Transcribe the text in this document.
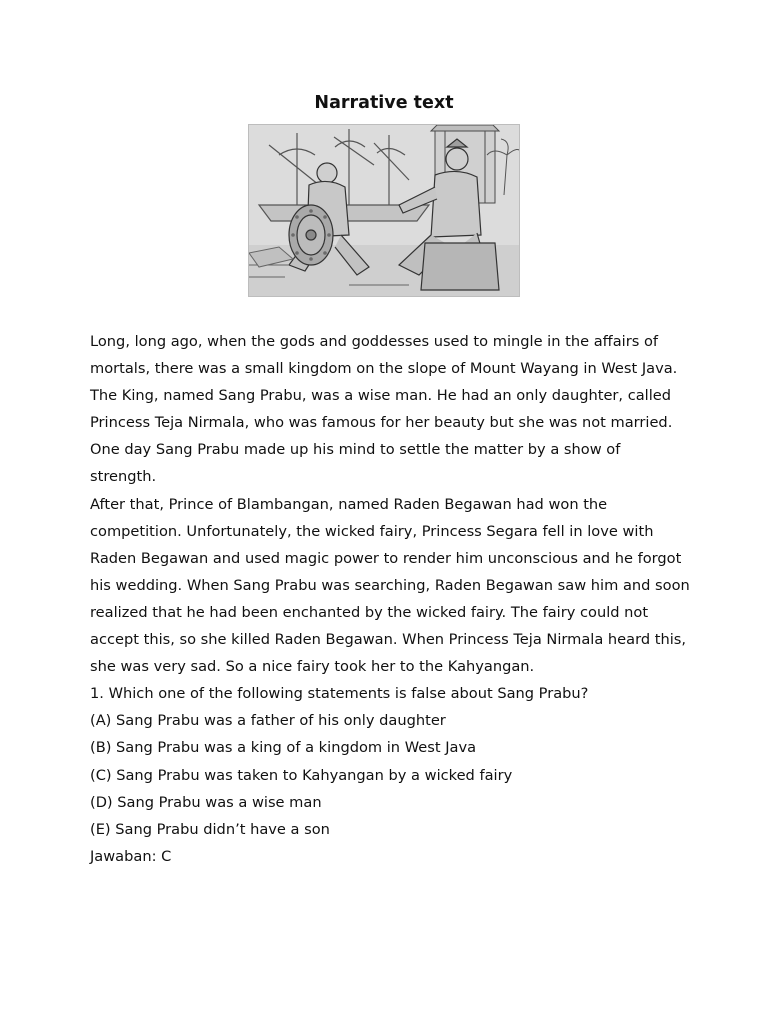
Narrative text

Long, long ago, when the gods and goddesses used to mingle in the affairs of mortals, there was a small kingdom on the slope of Mount Wayang in West Java. The King, named Sang Prabu, was a wise man. He had an only daughter, called Princess Teja Nirmala, who was famous for her beauty but she was not married. One day Sang Prabu made up his mind to settle the matter by a show of strength.

After that, Prince of Blambangan, named Raden Begawan had won the competition. Unfortunately, the wicked fairy, Princess Segara fell in love with Raden Begawan and used magic power to render him unconscious and he forgot his wedding. When Sang Prabu was searching, Raden Begawan saw him and soon realized that he had been enchanted by the wicked fairy. The fairy could not accept this, so she killed Raden Begawan. When Princess Teja Nirmala heard this, she was very sad. So a nice fairy took her to the Kahyangan.

1. Which one of the following statements is false about Sang Prabu?

(A) Sang Prabu was a father of his only daughter

(B) Sang Prabu was a king of a kingdom in West Java

(C) Sang Prabu was taken to Kahyangan by a wicked fairy

(D) Sang Prabu was a wise man

(E) Sang Prabu didn’t have a son

Jawaban: C
